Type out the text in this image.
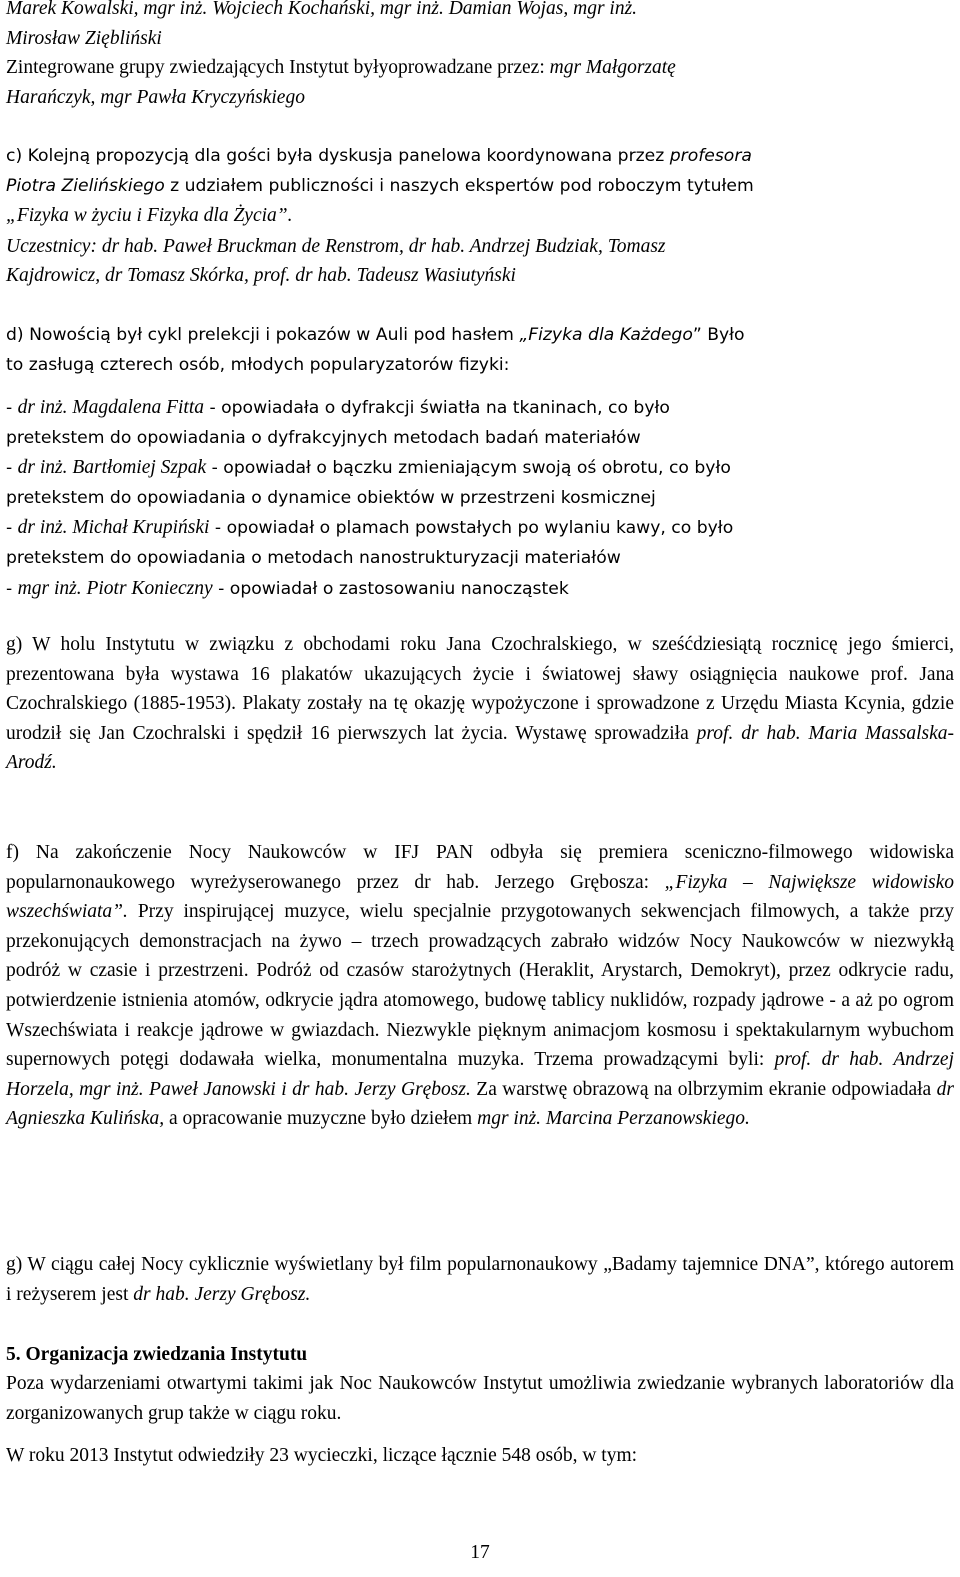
Marek Kowalski, mgr inż. Wojciech Kochański, mgr inż. Damian Wojas, mgr inż.
Mirosław Ziębliński
Zintegrowane grupy zwiedzających Instytut byłyoprowadzane przez: mgr Małgorzatę
Harańczyk, mgr Pawła Kryczyńskiego
c) Kolejną propozycją dla gości była dyskusja panelowa koordynowana przez profesora
Piotra Zielińskiego z udziałem publiczności i naszych ekspertów pod roboczym tytułem
„Fizyka w życiu i Fizyka dla Życia”.
Uczestnicy: dr hab. Paweł Bruckman de Renstrom, dr hab. Andrzej Budziak, Tomasz
Kajdrowicz, dr Tomasz Skórka, prof. dr hab. Tadeusz Wasiutyński
d) Nowością był cykl prelekcji i pokazów w Auli pod hasłem „Fizyka dla Każdego” Było
to zasługą czterech osób, młodych popularyzatorów fizyki:
- dr inż. Magdalena Fitta - opowiadała o dyfrakcji światła na tkaninach, co było
pretekstem do opowiadania o dyfrakcyjnych metodach badań materiałów
- dr inż. Bartłomiej Szpak - opowiadał o bączku zmieniającym swoją oś obrotu, co było
pretekstem do opowiadania o dynamice obiektów w przestrzeni kosmicznej
- dr inż. Michał Krupiński - opowiadał o plamach powstałych po wylaniu kawy, co było
pretekstem do opowiadania o metodach nanostrukturyzacji materiałów
- mgr inż. Piotr Konieczny - opowiadał o zastosowaniu nanocząstek
g) W holu Instytutu w związku z obchodami roku Jana Czochralskiego, w sześćdziesiątą rocznicę jego śmierci, prezentowana była wystawa 16 plakatów ukazujących życie i światowej sławy osiągnięcia naukowe prof. Jana Czochralskiego (1885-1953). Plakaty zostały na tę okazję wypożyczone i sprowadzone z Urzędu Miasta Kcynia, gdzie urodził się Jan Czochralski i spędził 16 pierwszych lat życia. Wystawę sprowadziła prof. dr hab. Maria Massalska-Arodź.
f) Na zakończenie Nocy Naukowców w IFJ PAN odbyła się premiera sceniczno-filmowego widowiska popularnonaukowego wyreżyserowanego przez dr hab. Jerzego Grębosza: „Fizyka – Największe widowisko wszechświata”. Przy inspirującej muzyce, wielu specjalnie przygotowanych sekwencjach filmowych, a także przy przekonujących demonstracjach na żywo – trzech prowadzących zabrało widzów Nocy Naukowców w niezwykłą podróż w czasie i przestrzeni. Podróż od czasów starożytnych (Heraklit, Arystarch, Demokryt), przez odkrycie radu, potwierdzenie istnienia atomów, odkrycie jądra atomowego, budowę tablicy nuklidów, rozpady jądrowe - a aż po ogrom Wszechświata i reakcje jądrowe w gwiazdach. Niezwykle pięknym animacjom kosmosu i spektakularnym wybuchom supernowych potęgi dodawała wielka, monumentalna muzyka. Trzema prowadzącymi byli: prof. dr hab. Andrzej Horzela, mgr inż. Paweł Janowski i dr hab. Jerzy Grębosz. Za warstwę obrazową na olbrzymim ekranie odpowiadała dr Agnieszka Kulińska, a opracowanie muzyczne było dziełem mgr inż. Marcina Perzanowskiego.
g) W ciągu całej Nocy cyklicznie wyświetlany był film popularnonaukowy „Badamy tajemnice DNA”, którego autorem i reżyserem jest dr hab. Jerzy Grębosz.
5. Organizacja zwiedzania Instytutu
Poza wydarzeniami otwartymi takimi jak Noc Naukowców Instytut umożliwia zwiedzanie wybranych laboratoriów dla zorganizowanych grup także w ciągu roku.
W roku 2013 Instytut odwiedziły 23 wycieczki, liczące łącznie 548 osób, w tym:
17
